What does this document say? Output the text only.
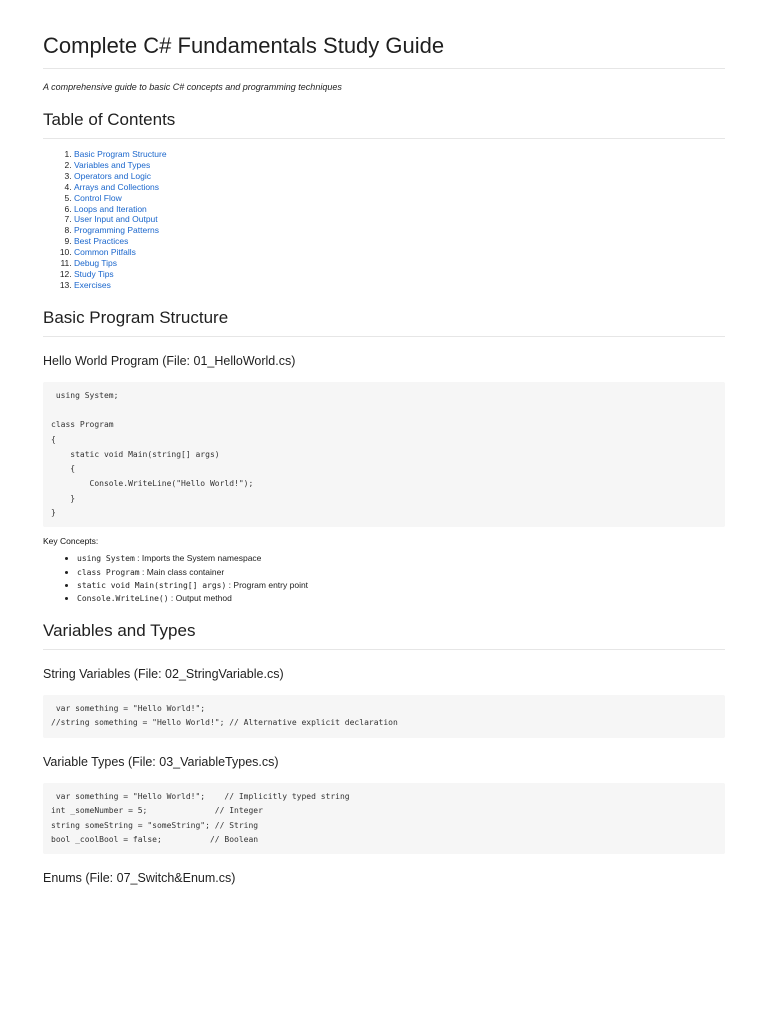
Complete C# Fundamentals Study Guide

A comprehensive guide to basic C# concepts and programming techniques

Table of Contents
1. Basic Program Structure
2. Variables and Types
3. Operators and Logic
4. Arrays and Collections
5. Control Flow
6. Loops and Iteration
7. User Input and Output
8. Programming Patterns
9. Best Practices
10. Common Pitfalls
11. Debug Tips
12. Study Tips
13. Exercises
Basic Program Structure
Hello World Program (File: 01_HelloWorld.cs)
using System;

class Program
{
static void Main(string[] args)
{
Console.WriteLine("Hello World!");
}
}

Key Concepts:

• using System : Imports the System namespace
• class Program : Main class container
• static void Main(string[] args) : Program entry point
• Console.WriteLine() : Output method
Variables and Types
String Variables (File: 02_StringVariable.cs)
var something = "Hello World!";
//string something = "Hello World!"; // Alternative explicit declaration
Variable Types (File: 03_VariableTypes.cs)
var something = "Hello World!";    // Implicitly typed string
int _someNumber = 5;              // Integer
string someString = "someString"; // String
bool _coolBool = false;          // Boolean
Enums (File: 07_Switch&Enum.cs)
